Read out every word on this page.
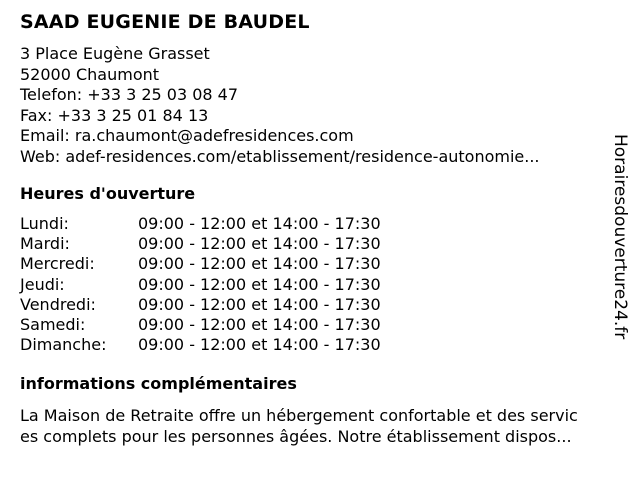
SAAD EUGENIE DE BAUDEL
3 Place Eugène Grasset
52000 Chaumont
Telefon: +33 3 25 03 08 47
Fax: +33 3 25 01 84 13
Email: ra.chaumont@adefresidences.com
Web: adef-residences.com/etablissement/residence-autonomie...
Heures d'ouverture
Lundi:	09:00 - 12:00 et 14:00 - 17:30
Mardi:	09:00 - 12:00 et 14:00 - 17:30
Mercredi:	09:00 - 12:00 et 14:00 - 17:30
Jeudi:	09:00 - 12:00 et 14:00 - 17:30
Vendredi:	09:00 - 12:00 et 14:00 - 17:30
Samedi:	09:00 - 12:00 et 14:00 - 17:30
Dimanche:	09:00 - 12:00 et 14:00 - 17:30
informations complémentaires
La Maison de Retraite offre un hébergement confortable et des servic
es complets pour les personnes âgées. Notre établissement dispos...
Horairesdouverture24.fr
